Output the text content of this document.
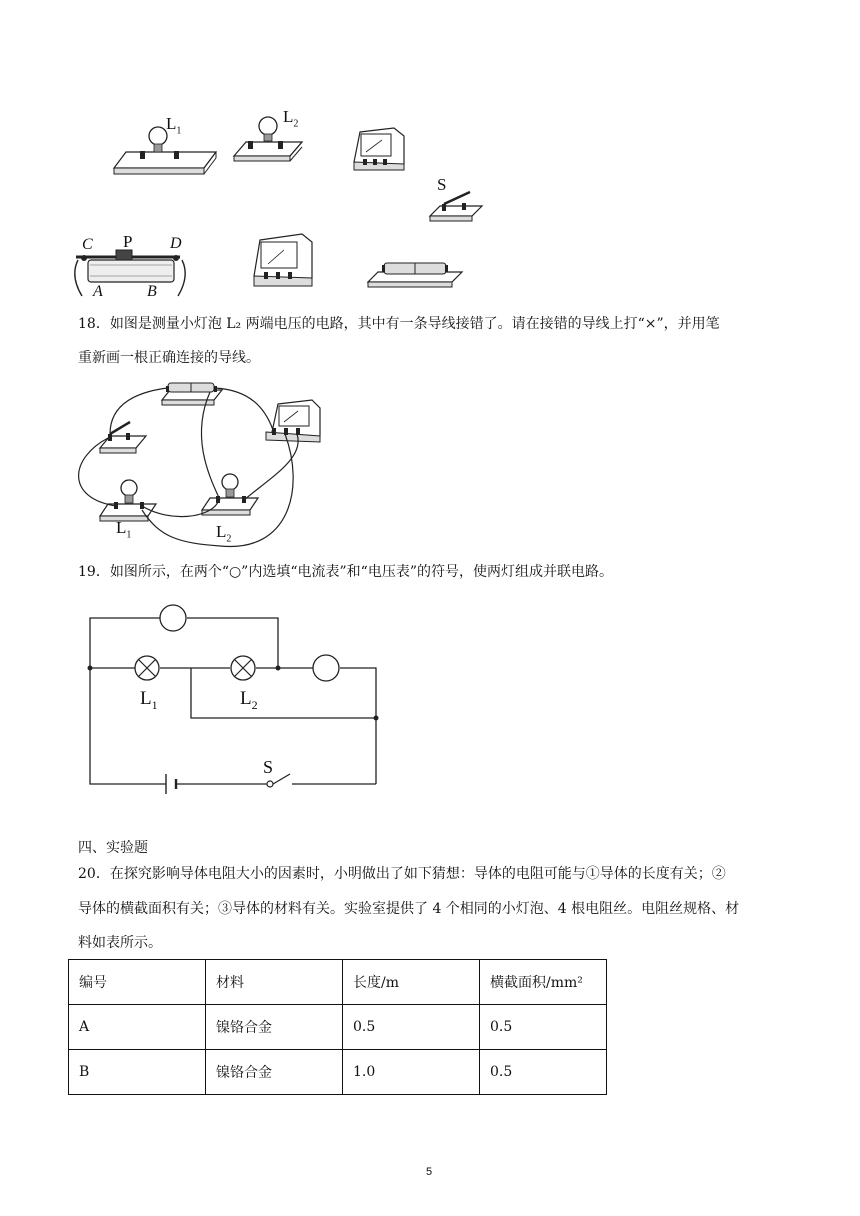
$L_1$
$L_2$
S
C P D
A	B
18．如图是测量小灯泡 L₂ 两端电压的电路，其中有一条导线接错了。请在接错的导线上打“×”，并用笔
重新画一根正确连接的导线。
$L_1$	$L_2$
19．如图所示，在两个“○”内选填“电流表”和“电压表”的符号，使两灯组成并联电路。
$L_1$	$L_2$
S
四、实验题
20．在探究影响导体电阻大小的因素时，小明做出了如下猜想：导体的电阻可能与①导体的长度有关；②
导体的横截面积有关；③导体的材料有关。实验室提供了 4 个相同的小灯泡、4 根电阻丝。电阻丝规格、材
料如表所示。
编号	材料	长度/m	横截面积/mm²
A	镍铬合金	0.5	0.5
B	镍铬合金	1.0	0.5
5
